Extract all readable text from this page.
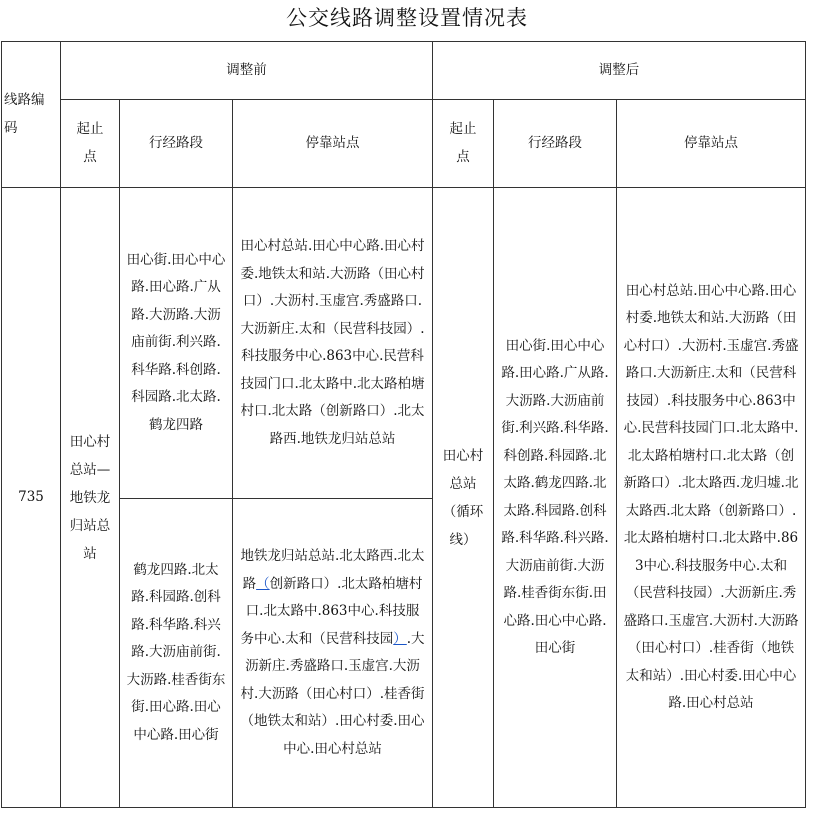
公交线路调整设置情况表
线路编码	调整前			调整后		
	起止点	行经路段	停靠站点	起止点	行经路段	停靠站点
735	田心村总站—地铁龙归站总站	田心街.田心中心路.田心路.广从路.大沥路.大沥庙前街.利兴路.科华路.科创路.科园路.北太路.鹤龙四路	田心村总站.田心中心路.田心村委.地铁太和站.大沥路（田心村口）.大沥村.玉虚宫.秀盛路口.大沥新庄.太和（民营科技园）.科技服务中心.863中心.民营科技园门口.北太路中.北太路柏塘村口.北太路（创新路口）.北太路西.地铁龙归站总站	田心村总站（循环线）	田心街.田心中心路.田心路.广从路.大沥路.大沥庙前街.利兴路.科华路.科创路.科园路.北太路.鹤龙四路.北太路.科园路.创科路.科华路.科兴路.大沥庙前街.大沥路.桂香街东街.田心路.田心中心路.田心街	田心村总站.田心中心路.田心村委.地铁太和站.大沥路（田心村口）.大沥村.玉虚宫.秀盛路口.大沥新庄.太和（民营科技园）.科技服务中心.863中心.民营科技园门口.北太路中.北太路柏塘村口.北太路（创新路口）.北太路西.龙归墟.北太路西.北太路（创新路口）.北太路柏塘村口.北太路中.863中心.科技服务中心.太和（民营科技园）.大沥新庄.秀盛路口.玉虚宫.大沥村.大沥路（田心村口）.桂香街（地铁太和站）.田心村委.田心中心路.田心村总站
		鹤龙四路.北太路.科园路.创科路.科华路.科兴路.大沥庙前街.大沥路.桂香街东街.田心路.田心中心路.田心街	地铁龙归站总站.北太路西.北太路（创新路口）.北太路柏塘村口.北太路中.863中心.科技服务中心.太和（民营科技园）.大沥新庄.秀盛路口.玉虚宫.大沥村.大沥路（田心村口）.桂香街（地铁太和站）.田心村委.田心中心.田心村总站			
